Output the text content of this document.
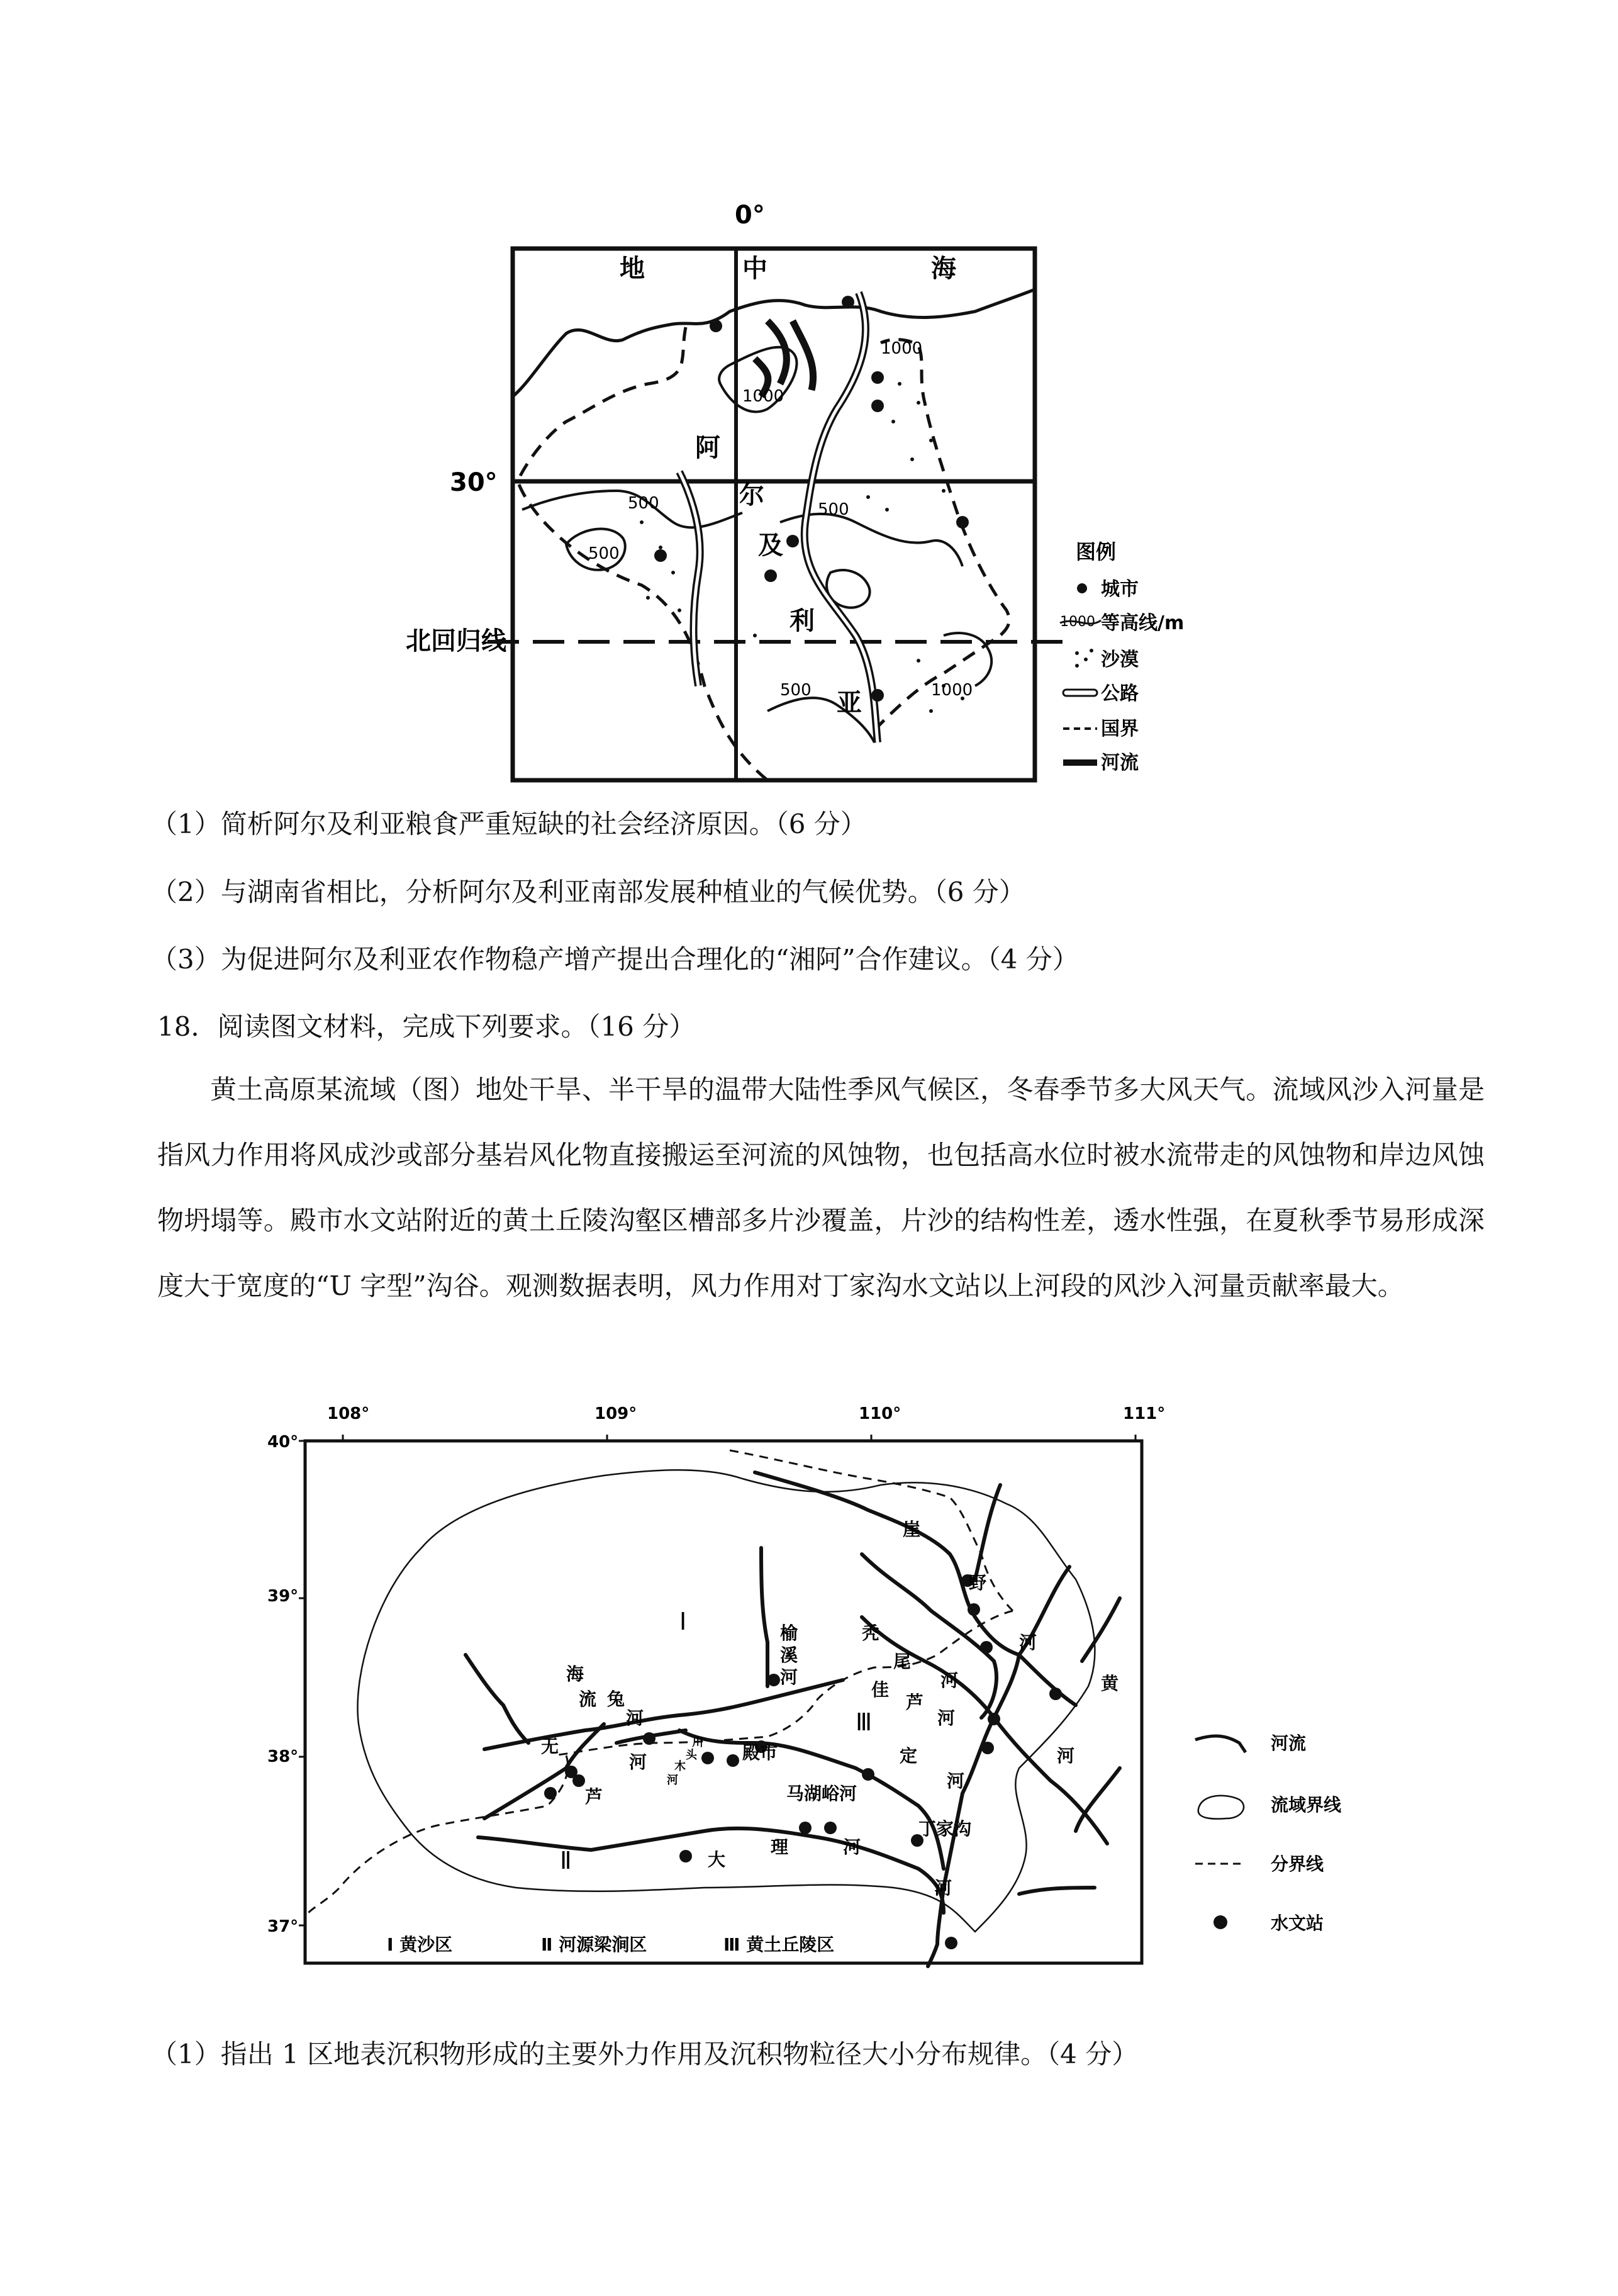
0°
30°
北回归线
地	中	海
阿
尔
及
利
亚
1000
1000
500	500
500
500	1000
图例
城市
1000 等高线/m
沙漠
公路
国界
河流
（1）简析阿尔及利亚粮食严重短缺的社会经济原因。（6 分）
（2）与湖南省相比，分析阿尔及利亚南部发展种植业的气候优势。（6 分）
（3）为促进阿尔及利亚农作物稳产增产提出合理化的“湘阿”合作建议。（4 分）
18．阅读图文材料，完成下列要求。（16 分）

黄土高原某流域（图）地处干旱、半干旱的温带大陆性季风气候区，冬春季节多大风天气。流域风沙入河量是指风力作用将风成沙或部分基岩风化物直接搬运至河流的风蚀物，也包括高水位时被水流带走的风蚀物和岸边风蚀物坍塌等。殿市水文站附近的黄土丘陵沟壑区槽部多片沙覆盖，片沙的结构性差，透水性强，在夏秋季节易形成深度大于宽度的“U 字型”沟谷。观测数据表明，风力作用对丁家沟水文站以上河段的风沙入河量贡献率最大。

108°	109°	110°	111°
40°
39°
38°
37°
Ⅰ
Ⅱ
Ⅲ
崖
野
河
秃
尾
河	黄
河
榆
溪
河
佳
芦
河
海
流 兔
河
无	定
河
芦
河
川
头
木
河
殿市
马湖峪河
大
理	河
丁家沟
河
Ⅰ 黄沙区	Ⅱ 河源梁涧区	Ⅲ 黄土丘陵区
河流
流域界线
分界线
水文站
（1）指出 1 区地表沉积物形成的主要外力作用及沉积物粒径大小分布规律。（4 分）
